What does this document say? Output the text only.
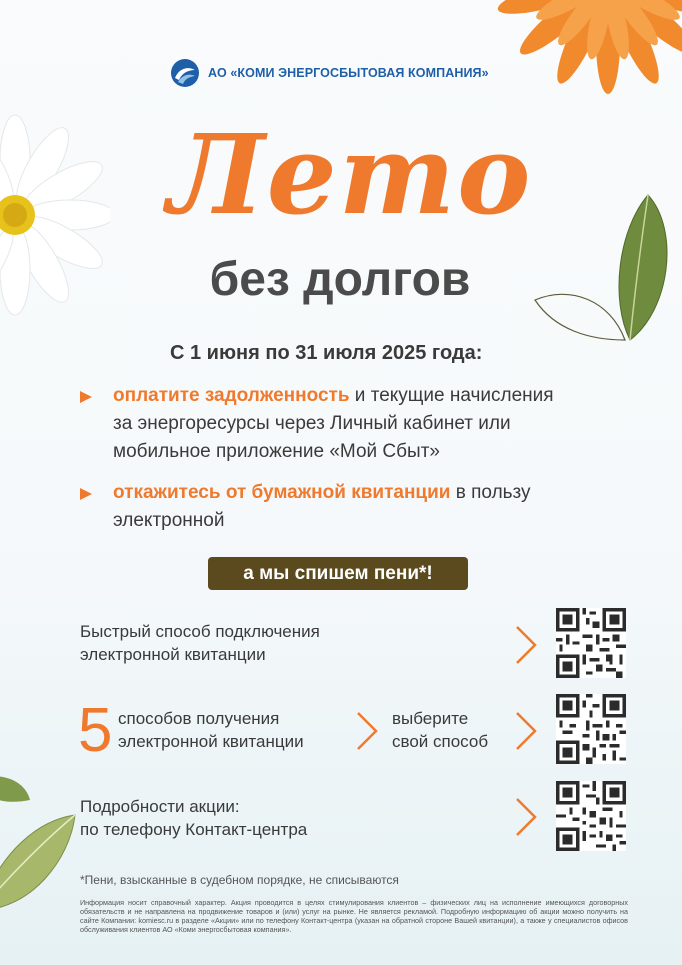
АО «КОМИ ЭНЕРГОСБЫТОВАЯ КОМПАНИЯ»
Лето
без долгов
С 1 июня по 31 июля 2025 года:
оплатите задолженность и текущие начисления
за энергоресурсы через Личный кабинет или
мобильное приложение «Мой Сбыт»
откажитесь от бумажной квитанции в пользу
электронной
а мы спишем пени*!
Быстрый способ подключения
электронной квитанции
5 способов получения
электронной квитанции
выберите
свой способ
Подробности акции:
по телефону Контакт-центра
*Пени, взысканные в судебном порядке, не списываются
Информация носит справочный характер. Акция проводится в целях стимулирования клиентов – физических лиц на исполнение имеющихся договорных обязательств и не направлена на продвижение товаров и (или) услуг на рынке. Не является рекламой. Подробную информацию об акции можно получить на сайте Компании: komiesc.ru в разделе «Акции» или по телефону Контакт-центра (указан на обратной стороне Вашей квитанции), а также у специалистов офисов обслуживания клиентов АО «Коми энергосбытовая компания».
